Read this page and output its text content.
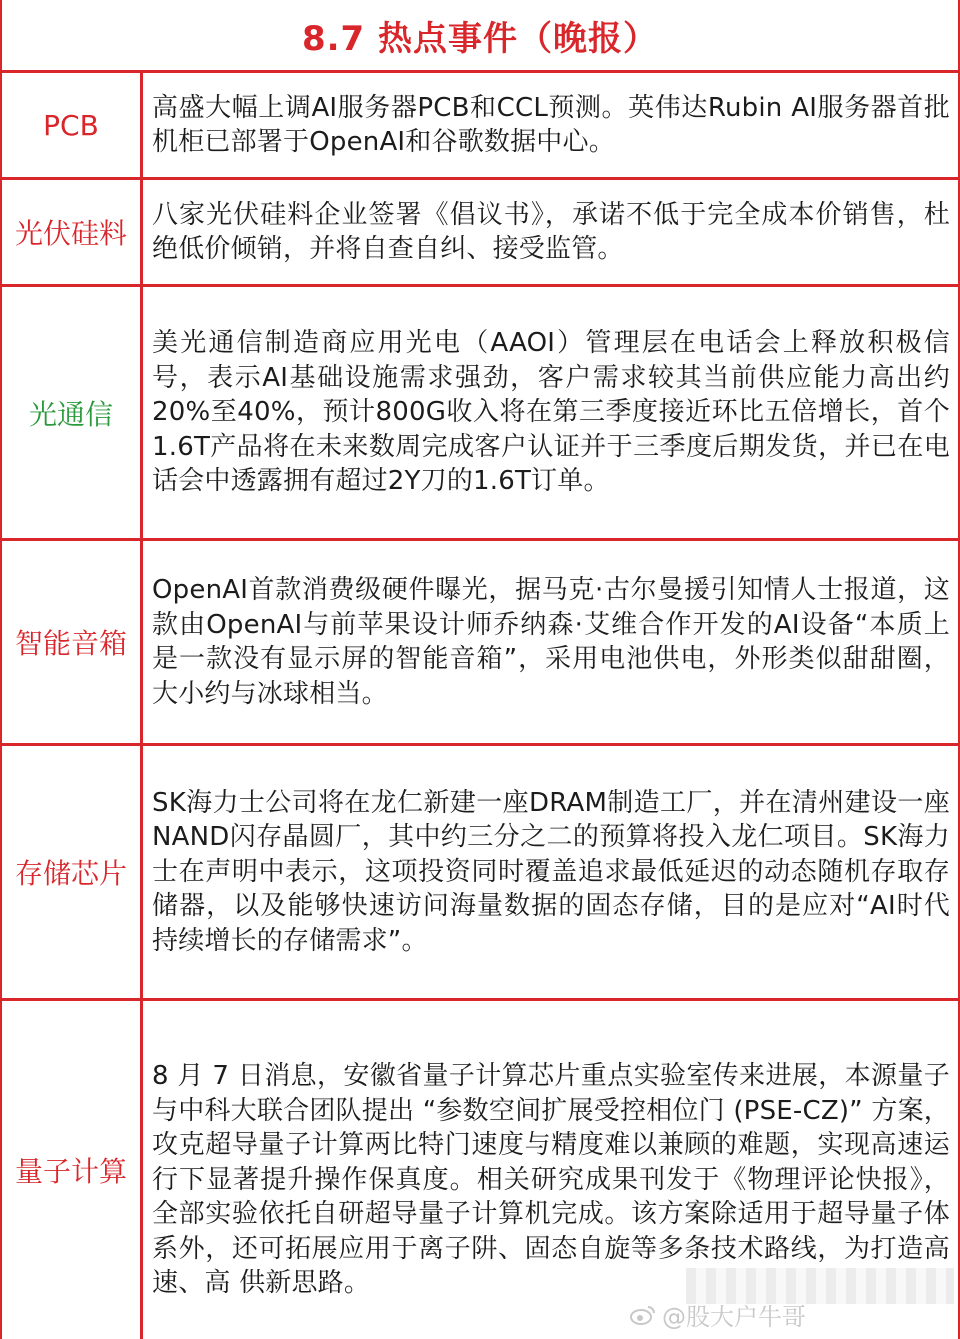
8.7 热点事件（晚报）
PCB
高盛大幅上调AI服务器PCB和CCL预测。英伟达Rubin AI服务器首批机柜已部署于OpenAI和谷歌数据中心。
光伏硅料
八家光伏硅料企业签署《倡议书》，承诺不低于完全成本价销售，杜绝低价倾销，并将自查自纠、接受监管。
光通信
美光通信制造商应用光电（AAOI）管理层在电话会上释放积极信号，表示AI基础设施需求强劲，客户需求较其当前供应能力高出约20%至40%，预计800G收入将在第三季度接近环比五倍增长，首个1.6T产品将在未来数周完成客户认证并于三季度后期发货，并已在电话会中透露拥有超过2Y刀的1.6T订单。
智能音箱
OpenAI首款消费级硬件曝光，据马克·古尔曼援引知情人士报道，这款由OpenAI与前苹果设计师乔纳森·艾维合作开发的AI设备“本质上是一款没有显示屏的智能音箱”，采用电池供电，外形类似甜甜圈，大小约与冰球相当。
存储芯片
SK海力士公司将在龙仁新建一座DRAM制造工厂，并在清州建设一座NAND闪存晶圆厂，其中约三分之二的预算将投入龙仁项目。SK海力士在声明中表示，这项投资同时覆盖追求最低延迟的动态随机存取存储器，以及能够快速访问海量数据的固态存储，目的是应对“AI时代持续增长的存储需求”。
量子计算
8 月 7 日消息，安徽省量子计算芯片重点实验室传来进展，本源量子与中科大联合团队提出 “参数空间扩展受控相位门 (PSE-CZ)” 方案，攻克超导量子计算两比特门速度与精度难以兼顾的难题，实现高速运行下显著提升操作保真度。相关研究成果刊发于《物理评论快报》，全部实验依托自研超导量子计算机完成。该方案除适用于超导量子体系外，还可拓展应用于离子阱、固态自旋等多条技术路线，为打造高速、高 供新思路。
@股大户牛哥
